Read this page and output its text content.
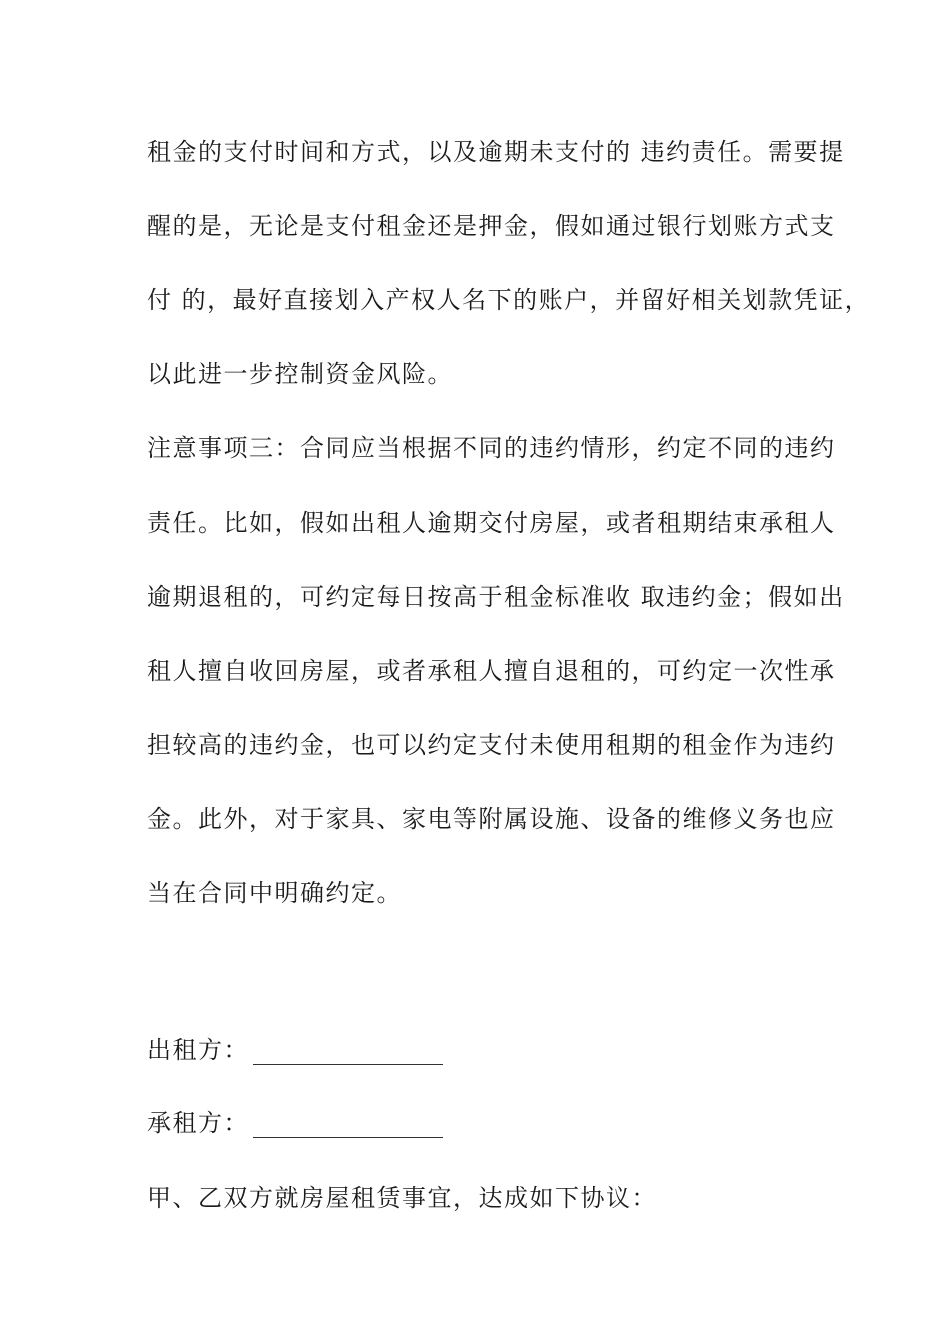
租金的支付时间和方式，以及逾期未支付的 违约责任。需要提
醒的是，无论是支付租金还是押金，假如通过银行划账方式支
付 的，最好直接划入产权人名下的账户，并留好相关划款凭证，
以此进一步控制资金风险。
注意事项三：合同应当根据不同的违约情形，约定不同的违约
责任。比如，假如出租人逾期交付房屋，或者租期结束承租人
逾期退租的，可约定每日按高于租金标准收 取违约金；假如出
租人擅自收回房屋，或者承租人擅自退租的，可约定一次性承
担较高的违约金，也可以约定支付未使用租期的租金作为违约
金。此外，对于家具、家电等附属设施、设备的维修义务也应
当在合同中明确约定。
出租方：
承租方：
甲、乙双方就房屋租赁事宜，达成如下协议：
